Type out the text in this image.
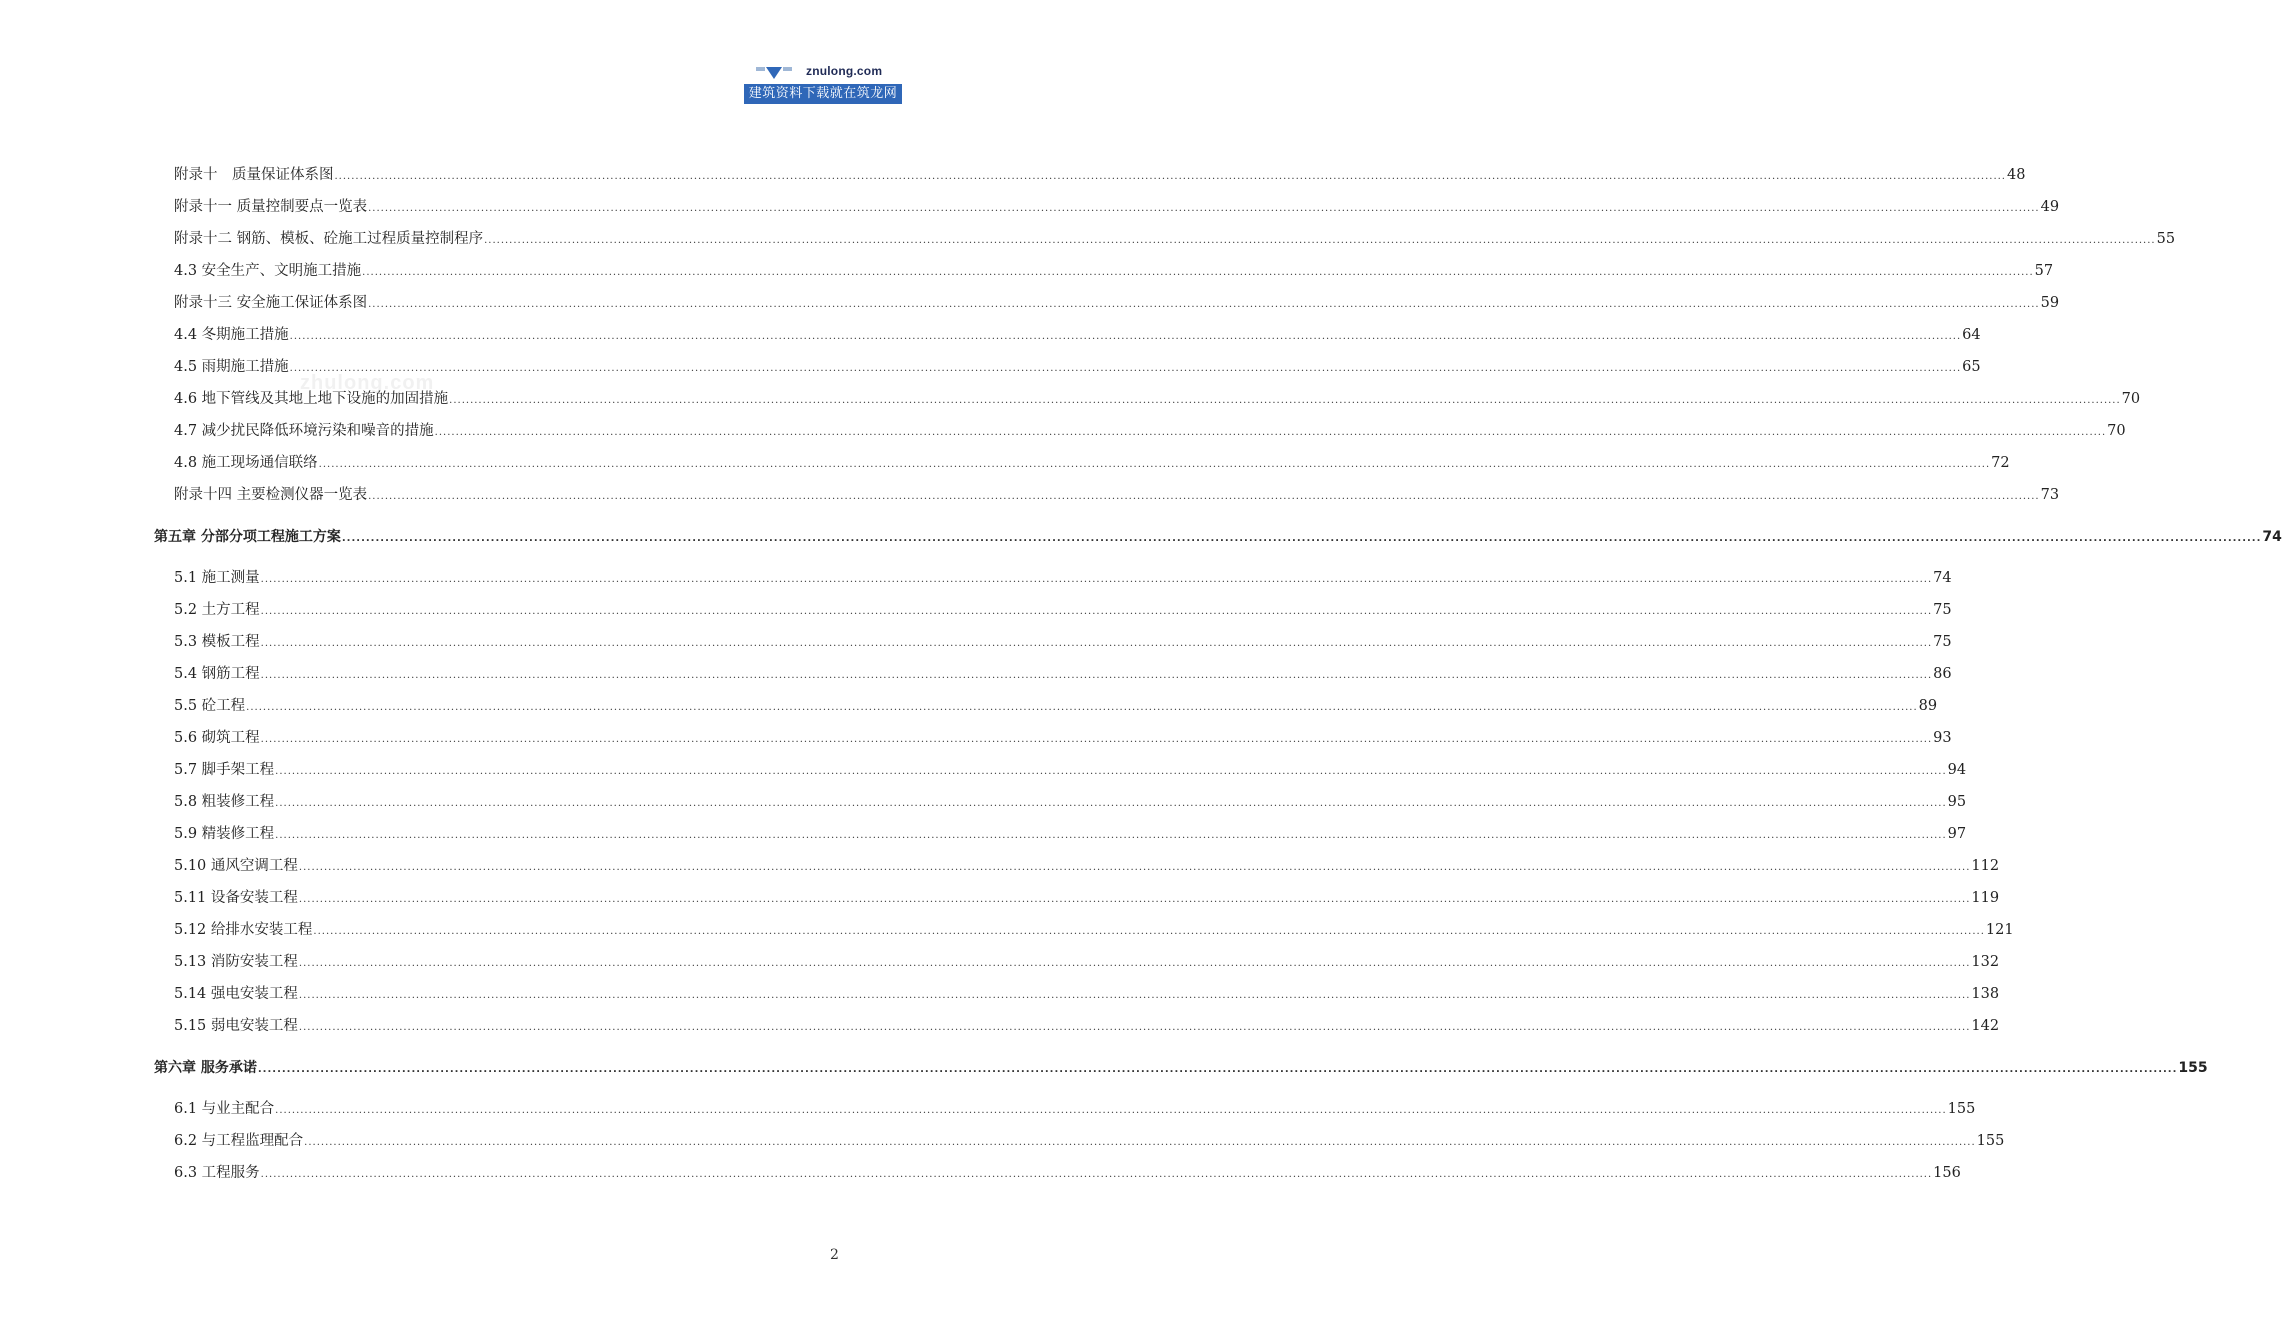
znulong.com
建筑资料下载就在筑龙网
zhulong.com
附录十　质量保证体系图 ................................................................................................................................................................................................................................................................................................................................................................................................................ 48
附录十一 质量控制要点一览表 ................................................................................................................................................................................................................................................................................................................................................................................................................ 49
附录十二 钢筋、模板、砼施工过程质量控制程序 ................................................................................................................................................................................................................................................................................................................................................................................................................ 55
4.3 安全生产、文明施工措施 ................................................................................................................................................................................................................................................................................................................................................................................................................ 57
附录十三 安全施工保证体系图 ................................................................................................................................................................................................................................................................................................................................................................................................................ 59
4.4 冬期施工措施 ................................................................................................................................................................................................................................................................................................................................................................................................................ 64
4.5 雨期施工措施 ................................................................................................................................................................................................................................................................................................................................................................................................................ 65
4.6 地下管线及其地上地下设施的加固措施 ................................................................................................................................................................................................................................................................................................................................................................................................................ 70
4.7 减少扰民降低环境污染和噪音的措施 ................................................................................................................................................................................................................................................................................................................................................................................................................ 70
4.8 施工现场通信联络 ................................................................................................................................................................................................................................................................................................................................................................................................................ 72
附录十四 主要检测仪器一览表 ................................................................................................................................................................................................................................................................................................................................................................................................................ 73
第五章 分部分项工程施工方案 ................................................................................................................................................................................................................................................................................................................................................................................................................ 74
5.1 施工测量 ................................................................................................................................................................................................................................................................................................................................................................................................................ 74
5.2 土方工程 ................................................................................................................................................................................................................................................................................................................................................................................................................ 75
5.3 模板工程 ................................................................................................................................................................................................................................................................................................................................................................................................................ 75
5.4 钢筋工程 ................................................................................................................................................................................................................................................................................................................................................................................................................ 86
5.5 砼工程 ................................................................................................................................................................................................................................................................................................................................................................................................................ 89
5.6 砌筑工程 ................................................................................................................................................................................................................................................................................................................................................................................................................ 93
5.7 脚手架工程 ................................................................................................................................................................................................................................................................................................................................................................................................................ 94
5.8 粗装修工程 ................................................................................................................................................................................................................................................................................................................................................................................................................ 95
5.9 精装修工程 ................................................................................................................................................................................................................................................................................................................................................................................................................ 97
5.10 通风空调工程 ................................................................................................................................................................................................................................................................................................................................................................................................................ 112
5.11 设备安装工程 ................................................................................................................................................................................................................................................................................................................................................................................................................ 119
5.12 给排水安装工程 ................................................................................................................................................................................................................................................................................................................................................................................................................ 121
5.13 消防安装工程 ................................................................................................................................................................................................................................................................................................................................................................................................................ 132
5.14 强电安装工程 ................................................................................................................................................................................................................................................................................................................................................................................................................ 138
5.15 弱电安装工程 ................................................................................................................................................................................................................................................................................................................................................................................................................ 142
第六章 服务承诺 ................................................................................................................................................................................................................................................................................................................................................................................................................ 155
6.1 与业主配合 ................................................................................................................................................................................................................................................................................................................................................................................................................ 155
6.2 与工程监理配合 ................................................................................................................................................................................................................................................................................................................................................................................................................ 155
6.3 工程服务 ................................................................................................................................................................................................................................................................................................................................................................................................................ 156
2
